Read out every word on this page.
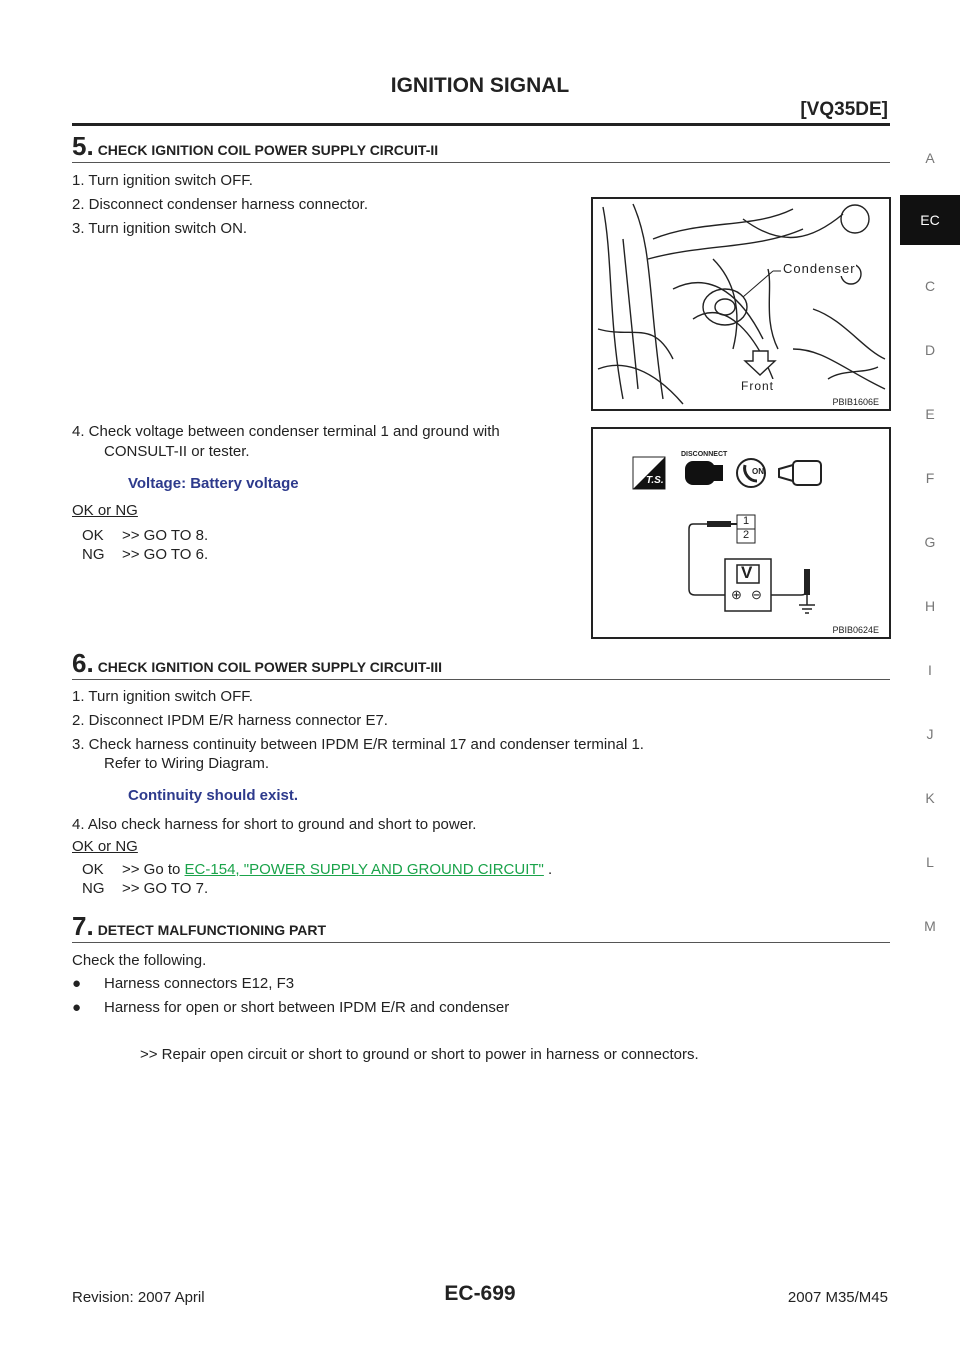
IGNITION SIGNAL
[VQ35DE]
A
EC
C
D
E
F
G
H
I
J
K
L
M
5. CHECK IGNITION COIL POWER SUPPLY CIRCUIT-II
1. Turn ignition switch OFF.
2. Disconnect condenser harness connector.
3. Turn ignition switch ON.
4. Check voltage between condenser terminal 1 and ground with
CONSULT-II or tester.
Voltage: Battery voltage
OK or NG
OK >> GO TO 8.
NG >> GO TO 6.
Condenser
Front
PBIB1606E
T.S.
DISCONNECT
ON
1
2
V
⊕ ⊖
PBIB0624E
6. CHECK IGNITION COIL POWER SUPPLY CIRCUIT-III
1. Turn ignition switch OFF.
2. Disconnect IPDM E/R harness connector E7.
3. Check harness continuity between IPDM E/R terminal 17 and condenser terminal 1.
Refer to Wiring Diagram.
Continuity should exist.
4. Also check harness for short to ground and short to power.
OK or NG
OK >> Go to EC-154, "POWER SUPPLY AND GROUND CIRCUIT" .
NG >> GO TO 7.
7. DETECT MALFUNCTIONING PART
Check the following.
● Harness connectors E12, F3
● Harness for open or short between IPDM E/R and condenser
>> Repair open circuit or short to ground or short to power in harness or connectors.
Revision: 2007 April	EC-699	2007 M35/M45
